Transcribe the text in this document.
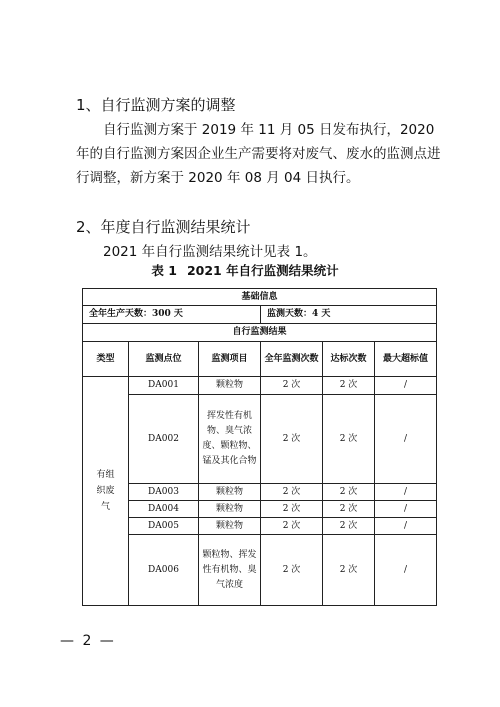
1、自行监测方案的调整
自行监测方案于 2019 年 11 月 05 日发布执行，2020 年的自行监测方案因企业生产需要将对废气、废水的监测点进行调整，新方案于 2020 年 08 月 04 日执行。
2、年度自行监测结果统计
2021 年自行监测结果统计见表 1。
表 1 2021 年自行监测结果统计
基础信息					
全年生产天数：300 天			监测天数：4 天		
自行监测结果					
类型	监测点位	监测项目	全年监测次数	达标次数	最大超标值
有组织废气	DA001	颗粒物	2 次	2 次	/
	DA002	挥发性有机物、臭气浓度、颗粒物、锰及其化合物	2 次	2 次	/
	DA003	颗粒物	2 次	2 次	/
	DA004	颗粒物	2 次	2 次	/
	DA005	颗粒物	2 次	2 次	/
	DA006	颗粒物、挥发性有机物、臭气浓度	2 次	2 次	/
— 2 —
